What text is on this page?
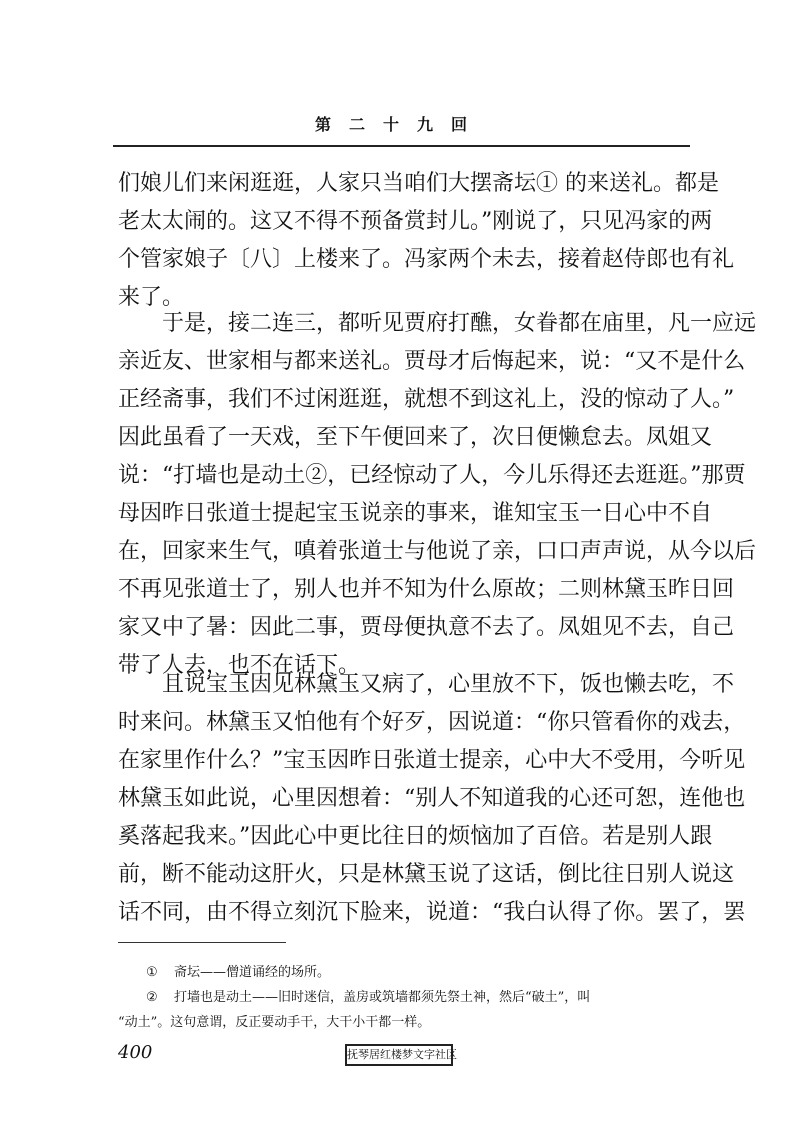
第二十九回
们娘儿们来闲逛逛，人家只当咱们大摆斋坛① 的来送礼。都是
老太太闹的。这又不得不预备赏封儿。”刚说了，只见冯家的两
个管家娘子〔八〕上楼来了。冯家两个未去，接着赵侍郎也有礼
来了。
于是，接二连三，都听见贾府打醮，女眷都在庙里，凡一应远
亲近友、世家相与都来送礼。贾母才后悔起来，说：“又不是什么
正经斋事，我们不过闲逛逛，就想不到这礼上，没的惊动了人。”
因此虽看了一天戏，至下午便回来了，次日便懒怠去。凤姐又
说：“打墙也是动土②，已经惊动了人，今儿乐得还去逛逛。”那贾
母因昨日张道士提起宝玉说亲的事来，谁知宝玉一日心中不自
在，回家来生气，嗔着张道士与他说了亲，口口声声说，从今以后
不再见张道士了，别人也并不知为什么原故；二则林黛玉昨日回
家又中了暑：因此二事，贾母便执意不去了。凤姐见不去，自己
带了人去，也不在话下。
且说宝玉因见林黛玉又病了，心里放不下，饭也懒去吃，不
时来问。林黛玉又怕他有个好歹，因说道：“你只管看你的戏去，
在家里作什么？”宝玉因昨日张道士提亲，心中大不受用，今听见
林黛玉如此说，心里因想着：“别人不知道我的心还可恕，连他也
奚落起我来。”因此心中更比往日的烦恼加了百倍。若是别人跟
前，断不能动这肝火，只是林黛玉说了这话，倒比往日别人说这
话不同，由不得立刻沉下脸来，说道：“我白认得了你。罢了，罢
① 斋坛——僧道诵经的场所。
② 打墙也是动土——旧时迷信，盖房或筑墙都须先祭土神，然后“破土”，叫
“动土”。这句意谓，反正要动手干，大干小干都一样。
400	抚琴居红楼梦文字社区
